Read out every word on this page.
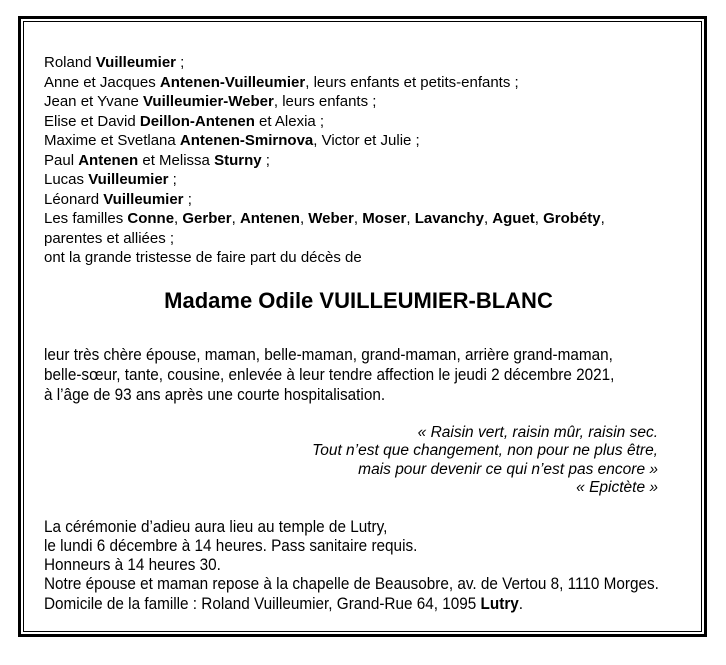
Roland Vuilleumier ;
Anne et Jacques Antenen-Vuilleumier, leurs enfants et petits-enfants ;
Jean et Yvane Vuilleumier-Weber, leurs enfants ;
Elise et David Deillon-Antenen et Alexia ;
Maxime et Svetlana Antenen-Smirnova, Victor et Julie ;
Paul Antenen et Melissa Sturny ;
Lucas Vuilleumier ;
Léonard Vuilleumier ;
Les familles Conne, Gerber, Antenen, Weber, Moser, Lavanchy, Aguet, Grobéty,
parentes et alliées ;
ont la grande tristesse de faire part du décès de
Madame Odile VUILLEUMIER-BLANC
leur très chère épouse, maman, belle-maman, grand-maman, arrière grand-maman,
belle-sœur, tante, cousine, enlevée à leur tendre affection le jeudi 2 décembre 2021,
à l’âge de 93 ans après une courte hospitalisation.
« Raisin vert, raisin mûr, raisin sec.
Tout n’est que changement, non pour ne plus être,
mais pour devenir ce qui n’est pas encore »
« Epictète »
La cérémonie d’adieu aura lieu au temple de Lutry,
le lundi 6 décembre à 14 heures. Pass sanitaire requis.
Honneurs à 14 heures 30.
Notre épouse et maman repose à la chapelle de Beausobre, av. de Vertou 8, 1110 Morges.
Domicile de la famille : Roland Vuilleumier, Grand-Rue 64, 1095 Lutry.
